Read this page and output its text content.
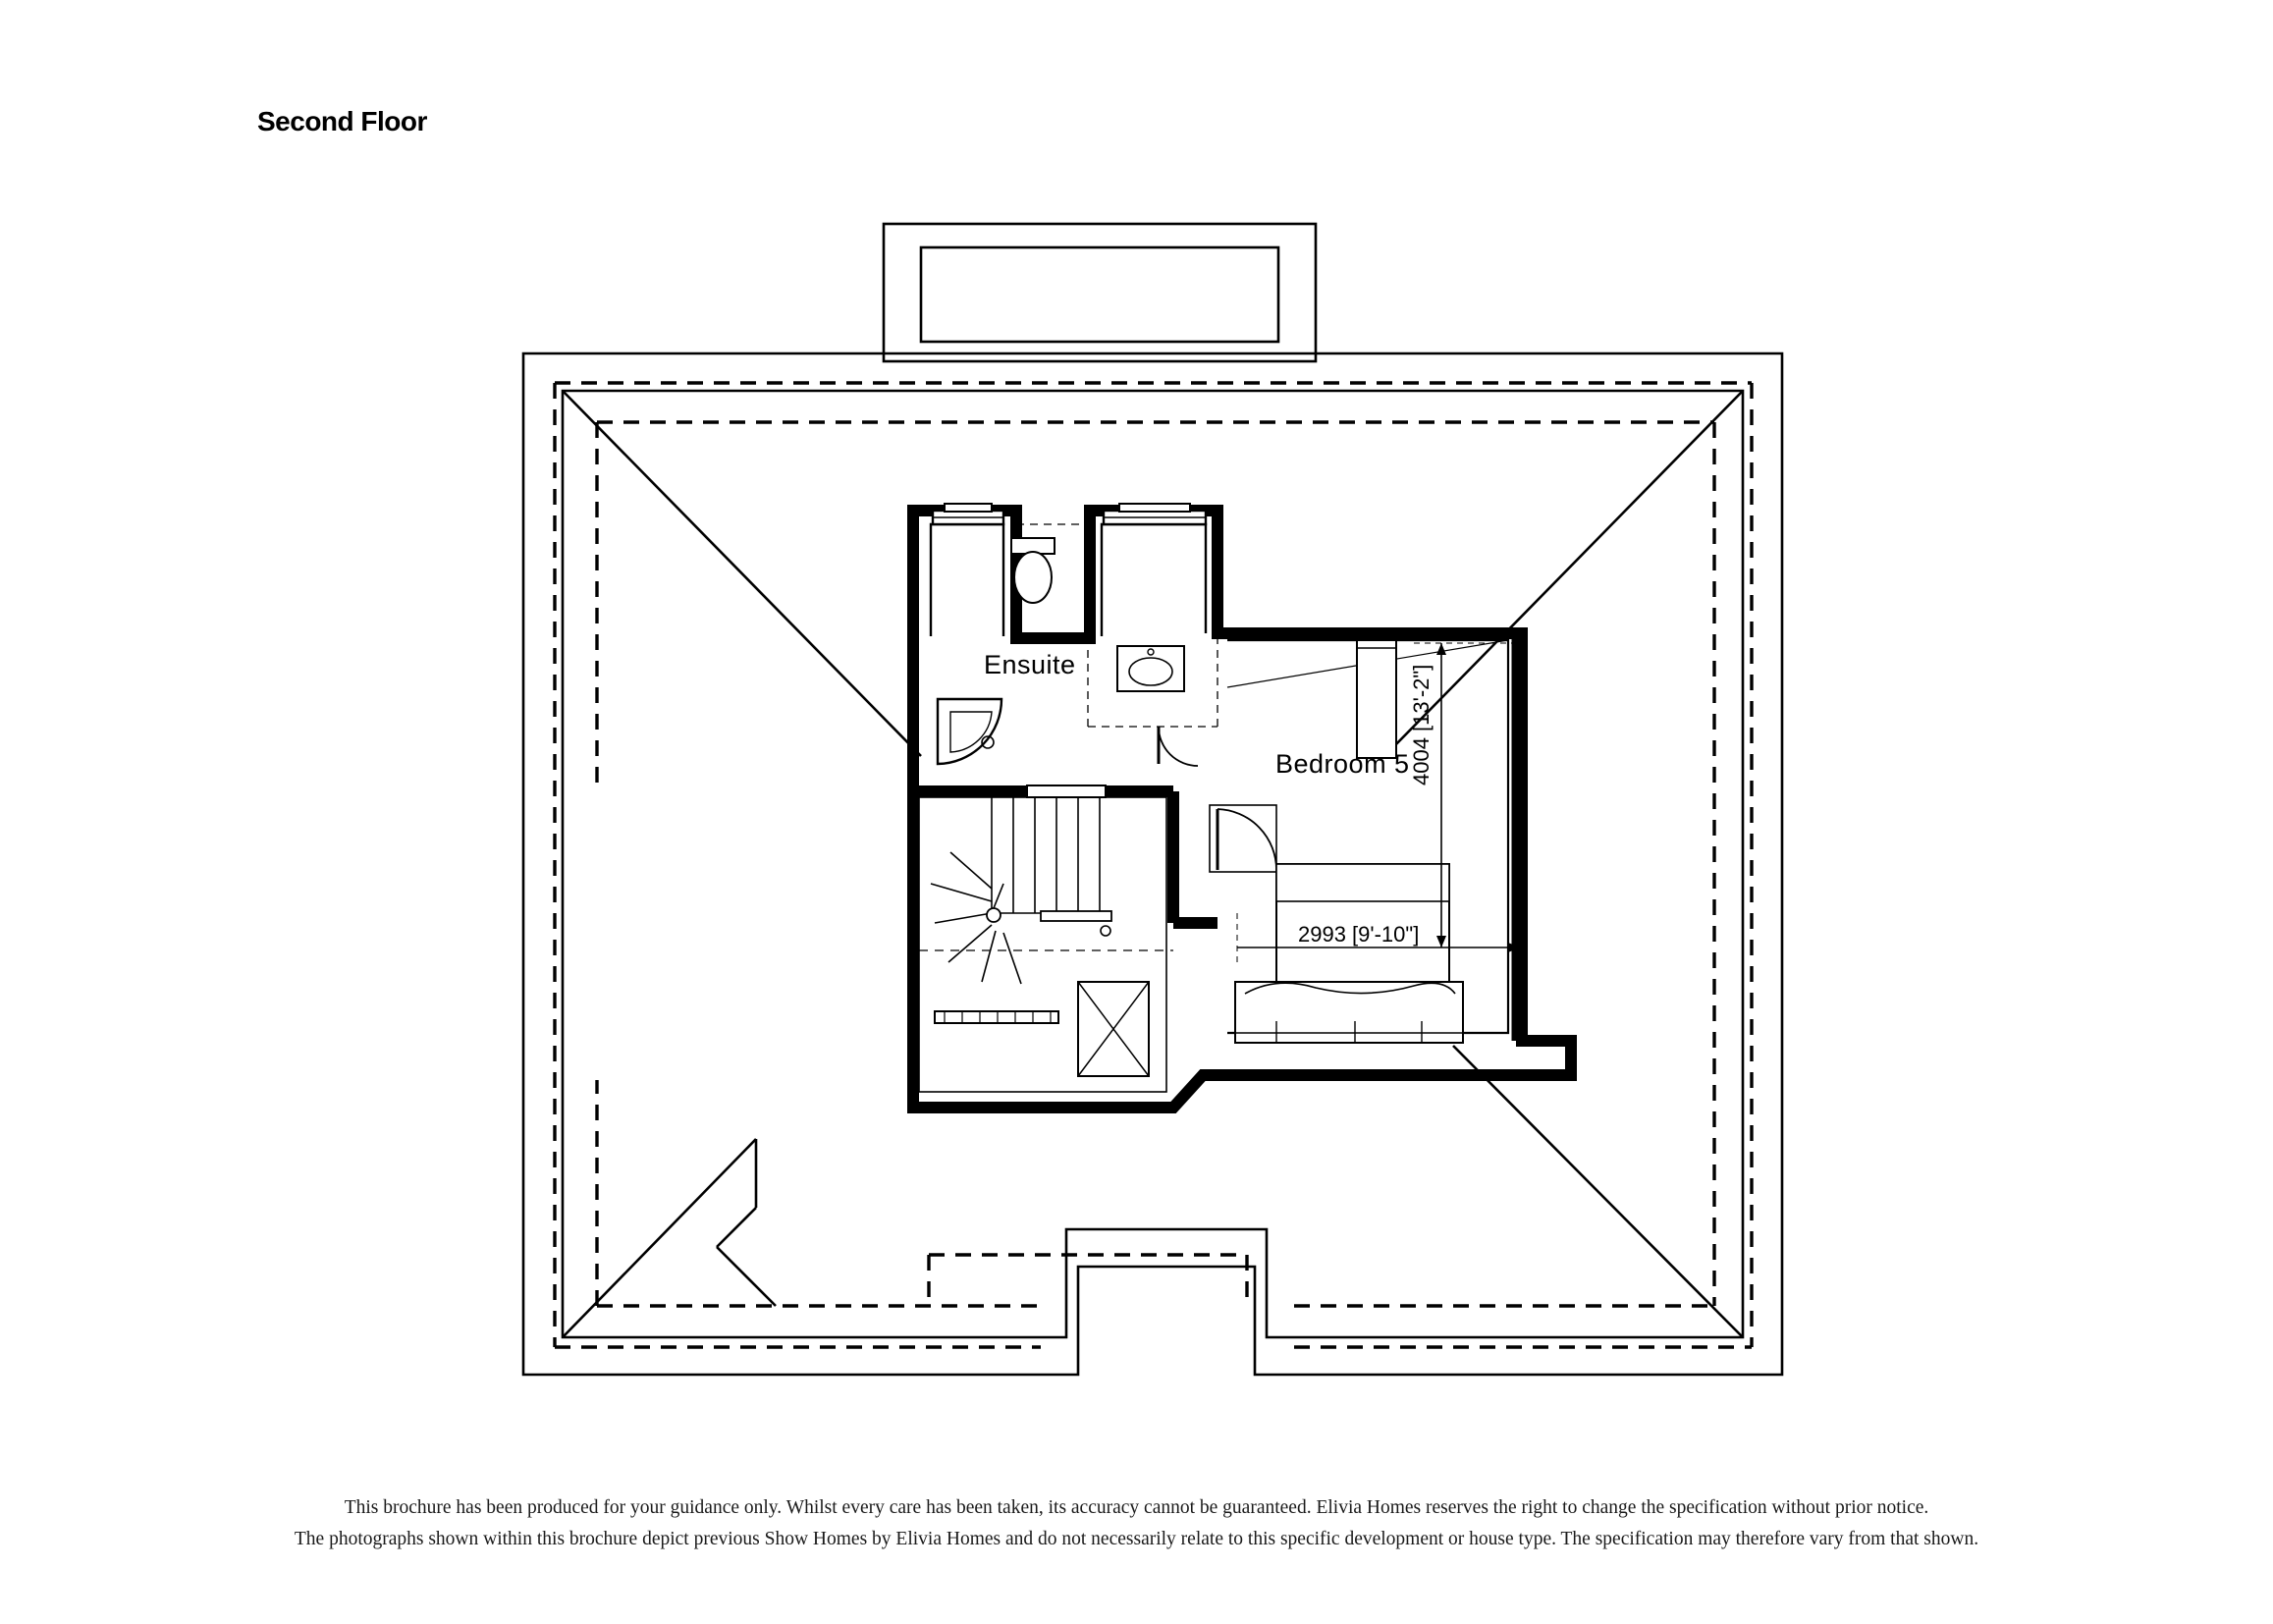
Second Floor
Ensuite
Bedroom 5
2993 [9'-10"]
4004 [13'-2"]
This brochure has been produced for your guidance only. Whilst every care has been taken, its accuracy cannot be guaranteed. Elivia Homes reserves the right to change the specification without prior notice.
The photographs shown within this brochure depict previous Show Homes by Elivia Homes and do not necessarily relate to this specific development or house type. The specification may therefore vary from that shown.
